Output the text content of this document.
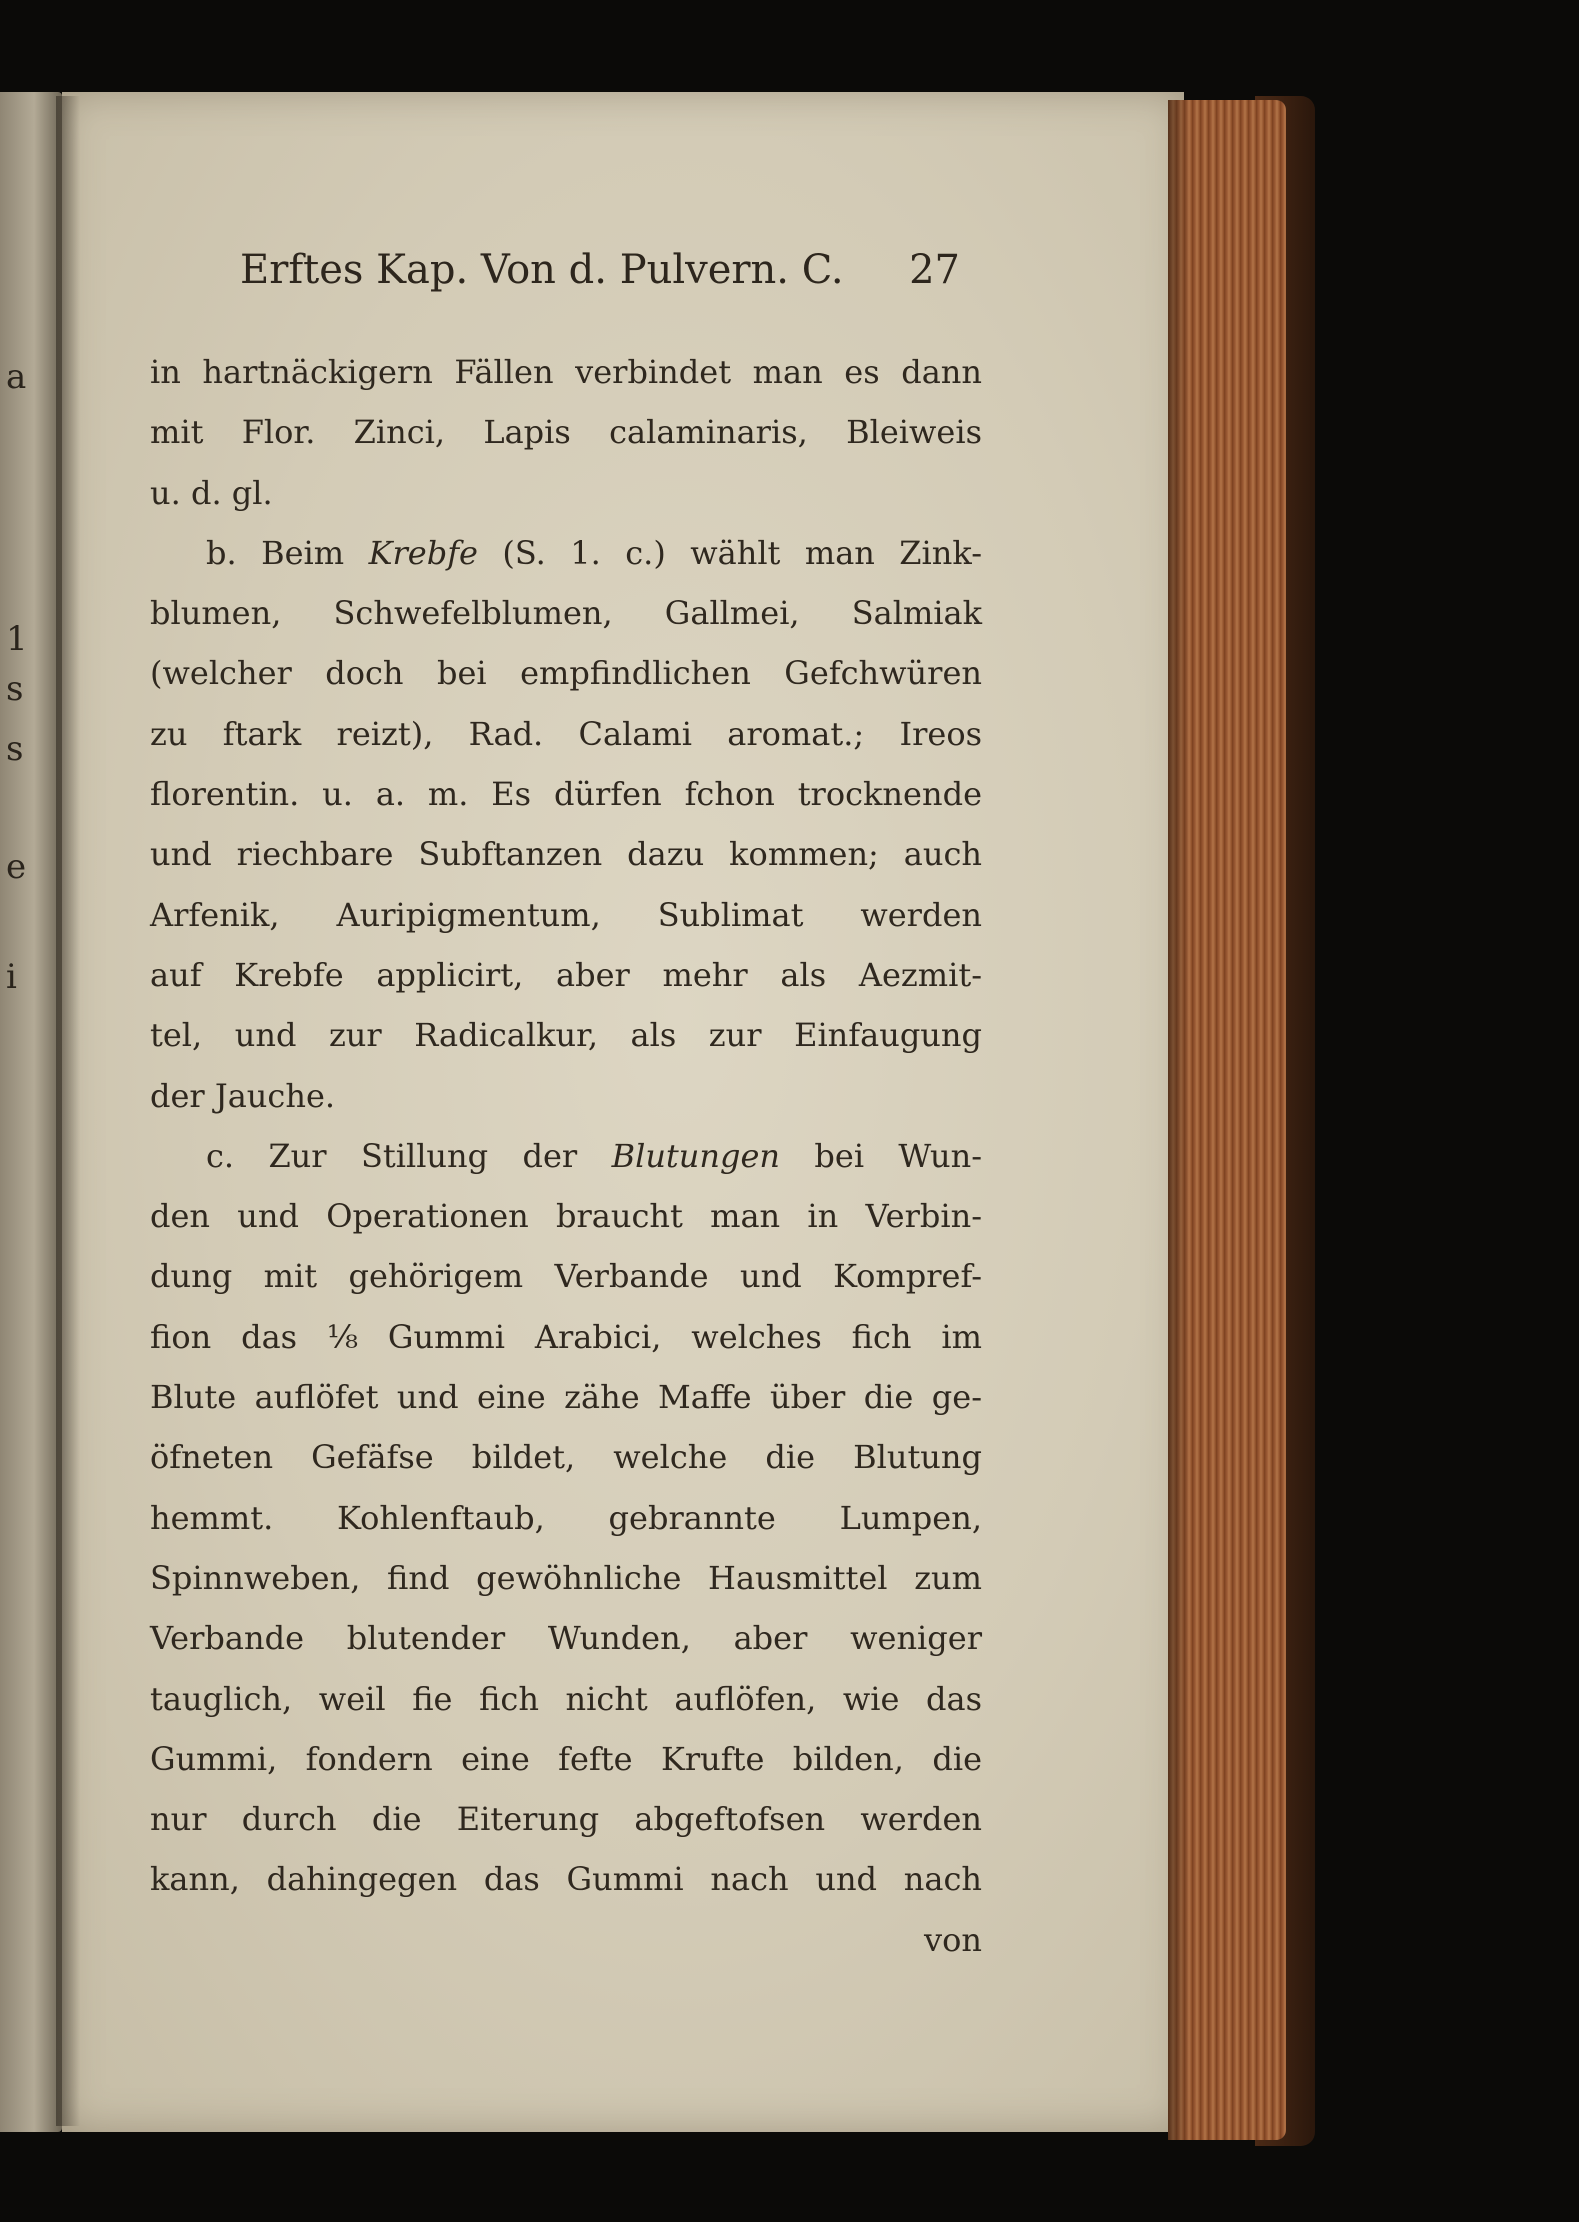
a
s
1
s
e
i
Erftes Kap. Von d. Pulvern. C. 27
in hartnäckigern Fällen verbindet man es dann
mit Flor. Zinci, Lapis calaminaris, Bleiweis
u. d. gl.
b. Beim Krebfe (S. 1. c.) wählt man Zink-
blumen, Schwefelblumen, Gallmei, Salmiak
(welcher doch bei empfindlichen Gefchwüren
zu ftark reizt), Rad. Calami aromat.; Ireos
florentin. u. a. m. Es dürfen fchon trocknende
und riechbare Subftanzen dazu kommen; auch
Arfenik, Auripigmentum, Sublimat werden
auf Krebfe applicirt, aber mehr als Aezmit-
tel, und zur Radicalkur, als zur Einfaugung
der Jauche.
c. Zur Stillung der Blutungen bei Wun-
den und Operationen braucht man in Verbin-
dung mit gehörigem Verbande und Kompref-
fion das ⅛ Gummi Arabici, welches fich im
Blute auflöfet und eine zähe Maffe über die ge-
öfneten Gefäfse bildet, welche die Blutung
hemmt. Kohlenftaub, gebrannte Lumpen,
Spinnweben, find gewöhnliche Hausmittel zum
Verbande blutender Wunden, aber weniger
tauglich, weil fie fich nicht auflöfen, wie das
Gummi, fondern eine fefte Krufte bilden, die
nur durch die Eiterung abgeftofsen werden
kann, dahingegen das Gummi nach und nach
von
